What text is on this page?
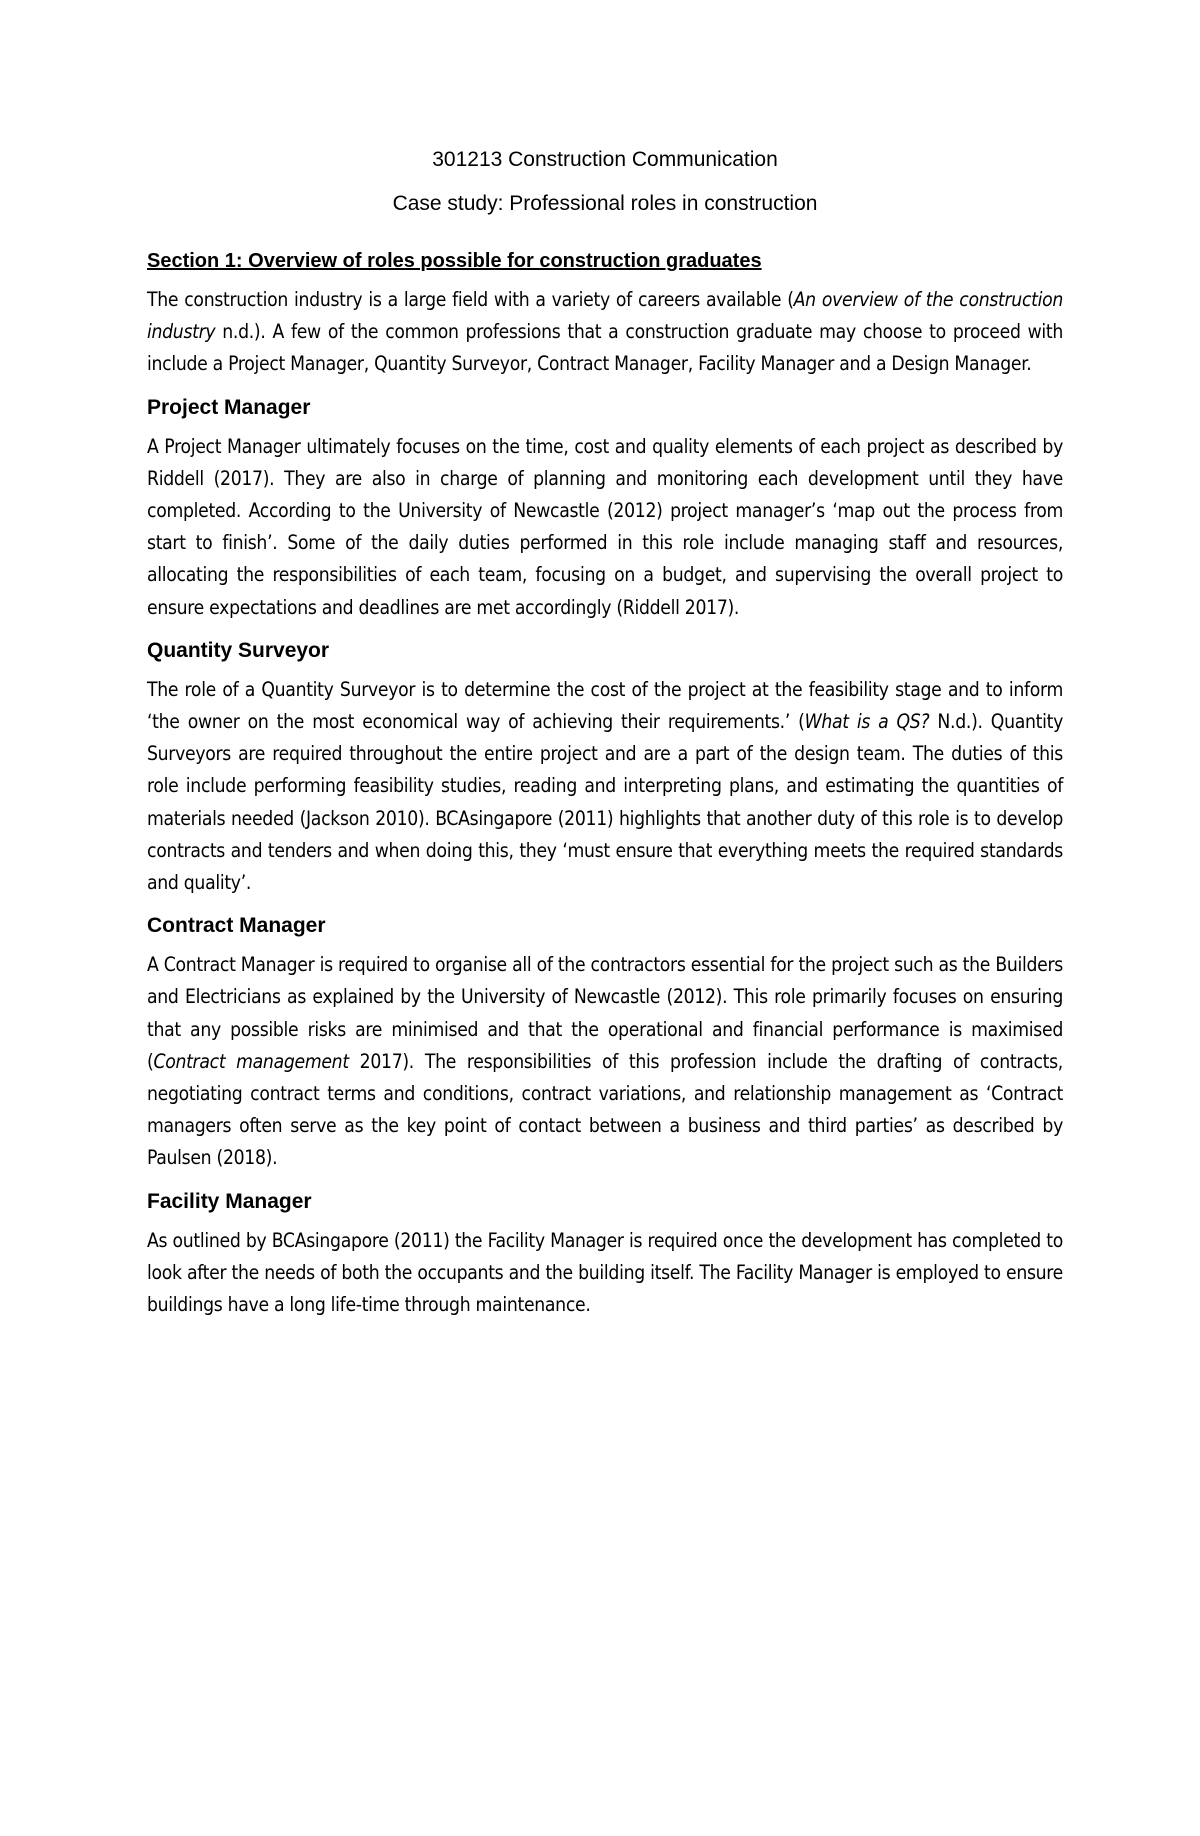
301213 Construction Communication
Case study: Professional roles in construction
Section 1: Overview of roles possible for construction graduates

The construction industry is a large field with a variety of careers available (An overview of the construction industry n.d.). A few of the common professions that a construction graduate may choose to proceed with include a Project Manager, Quantity Surveyor, Contract Manager, Facility Manager and a Design Manager.

Project Manager

A Project Manager ultimately focuses on the time, cost and quality elements of each project as described by Riddell (2017). They are also in charge of planning and monitoring each development until they have completed. According to the University of Newcastle (2012) project manager’s ‘map out the process from start to finish’. Some of the daily duties performed in this role include managing staff and resources, allocating the responsibilities of each team, focusing on a budget, and supervising the overall project to ensure expectations and deadlines are met accordingly (Riddell 2017).

Quantity Surveyor

The role of a Quantity Surveyor is to determine the cost of the project at the feasibility stage and to inform ‘the owner on the most economical way of achieving their requirements.’ (What is a QS? N.d.). Quantity Surveyors are required throughout the entire project and are a part of the design team. The duties of this role include performing feasibility studies, reading and interpreting plans, and estimating the quantities of materials needed (Jackson 2010). BCAsingapore (2011) highlights that another duty of this role is to develop contracts and tenders and when doing this, they ‘must ensure that everything meets the required standards and quality’.

Contract Manager

A Contract Manager is required to organise all of the contractors essential for the project such as the Builders and Electricians as explained by the University of Newcastle (2012). This role primarily focuses on ensuring that any possible risks are minimised and that the operational and financial performance is maximised (Contract management 2017). The responsibilities of this profession include the drafting of contracts, negotiating contract terms and conditions, contract variations, and relationship management as ‘Contract managers often serve as the key point of contact between a business and third parties’ as described by Paulsen (2018).

Facility Manager

As outlined by BCAsingapore (2011) the Facility Manager is required once the development has completed to look after the needs of both the occupants and the building itself. The Facility Manager is employed to ensure buildings have a long life-time through maintenance.
